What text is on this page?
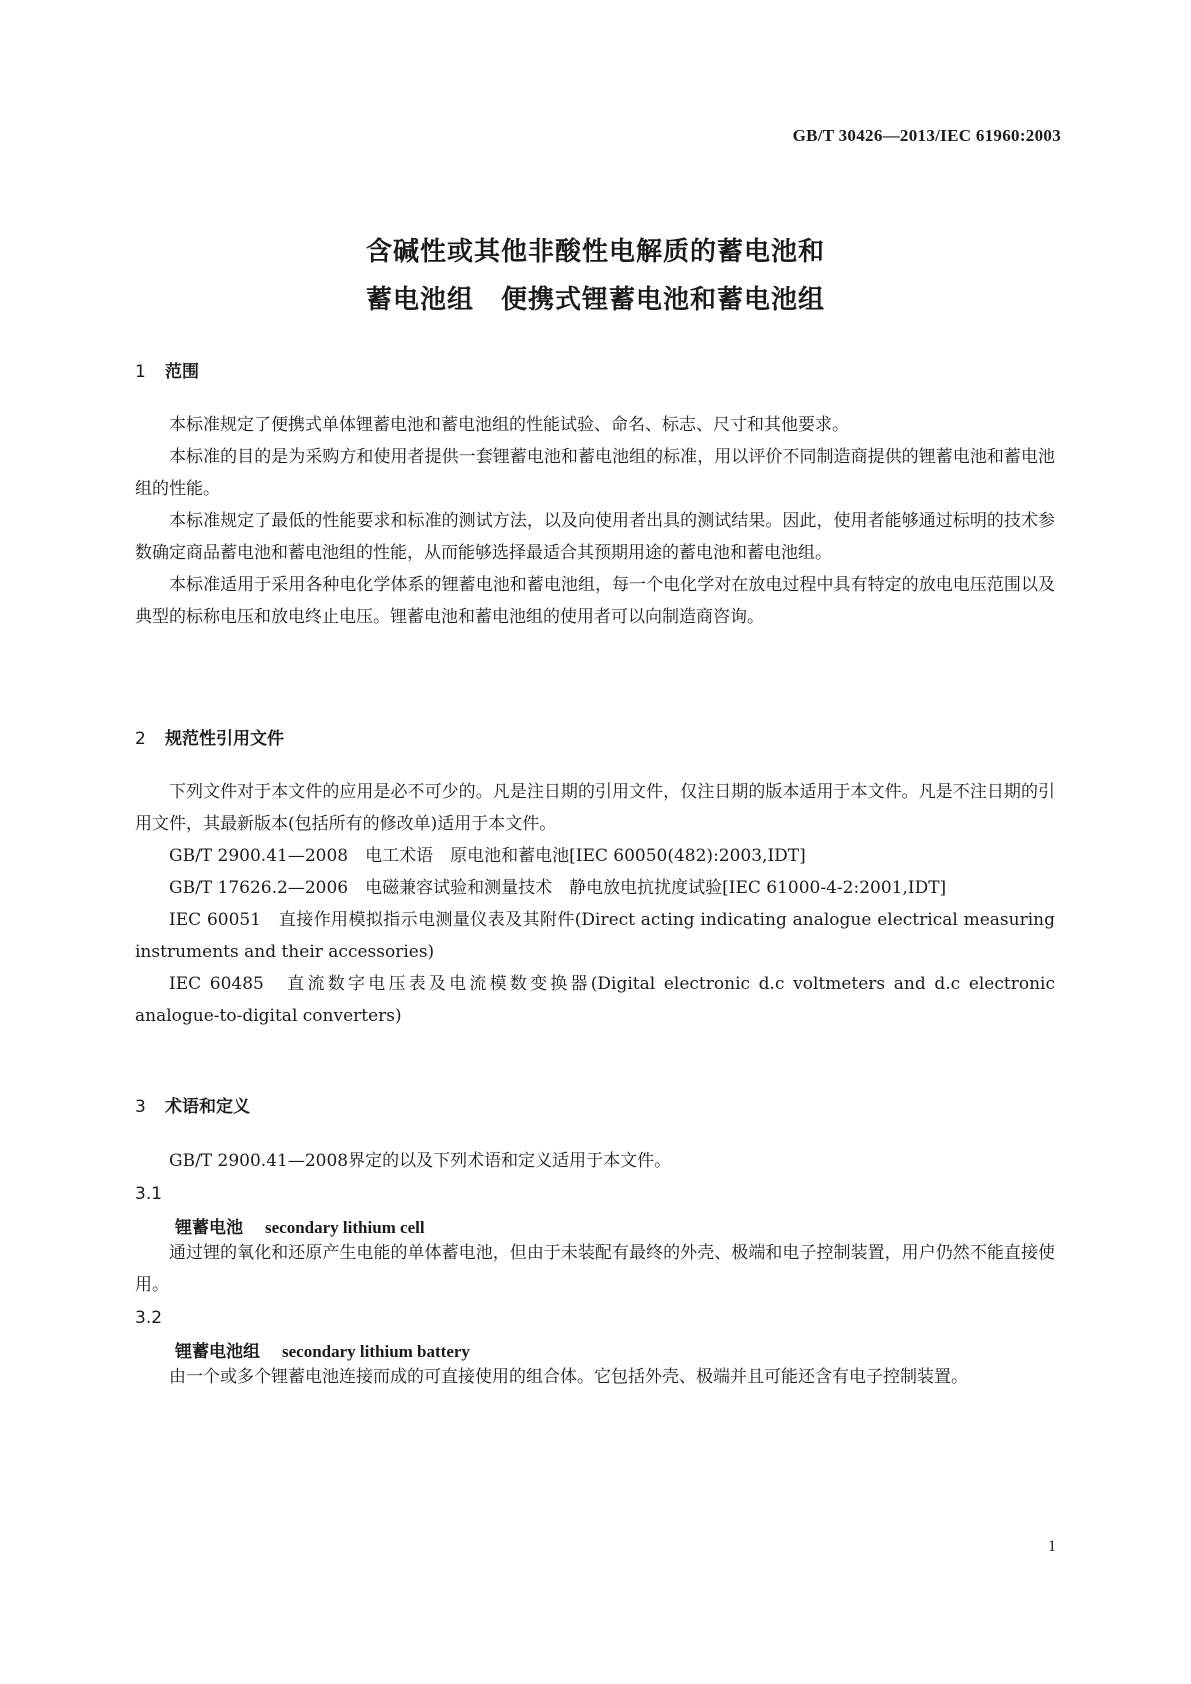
GB/T 30426—2013/IEC 61960:2003
含碱性或其他非酸性电解质的蓄电池和
蓄电池组　便携式锂蓄电池和蓄电池组
1 范围

本标准规定了便携式单体锂蓄电池和蓄电池组的性能试验、命名、标志、尺寸和其他要求。

本标准的目的是为采购方和使用者提供一套锂蓄电池和蓄电池组的标准，用以评价不同制造商提供的锂蓄电池和蓄电池组的性能。

本标准规定了最低的性能要求和标准的测试方法，以及向使用者出具的测试结果。因此，使用者能够通过标明的技术参数确定商品蓄电池和蓄电池组的性能，从而能够选择最适合其预期用途的蓄电池和蓄电池组。

本标准适用于采用各种电化学体系的锂蓄电池和蓄电池组，每一个电化学对在放电过程中具有特定的放电电压范围以及典型的标称电压和放电终止电压。锂蓄电池和蓄电池组的使用者可以向制造商咨询。

2 规范性引用文件

下列文件对于本文件的应用是必不可少的。凡是注日期的引用文件，仅注日期的版本适用于本文件。凡是不注日期的引用文件，其最新版本(包括所有的修改单)适用于本文件。

GB/T 2900.41—2008　电工术语　原电池和蓄电池[IEC 60050(482):2003,IDT]

GB/T 17626.2—2006　电磁兼容试验和测量技术　静电放电抗扰度试验[IEC 61000-4-2:2001,IDT]

IEC 60051　直接作用模拟指示电测量仪表及其附件(Direct acting indicating analogue electrical measuring instruments and their accessories)

IEC 60485　直流数字电压表及电流模数变换器(Digital electronic d.c voltmeters and d.c electronic analogue-to-digital converters)

3 术语和定义

GB/T 2900.41—2008界定的以及下列术语和定义适用于本文件。

3.1
锂蓄电池 secondary lithium cell

通过锂的氧化和还原产生电能的单体蓄电池，但由于未装配有最终的外壳、极端和电子控制装置，用户仍然不能直接使用。

3.2
锂蓄电池组 secondary lithium battery

由一个或多个锂蓄电池连接而成的可直接使用的组合体。它包括外壳、极端并且可能还含有电子控制装置。

1
